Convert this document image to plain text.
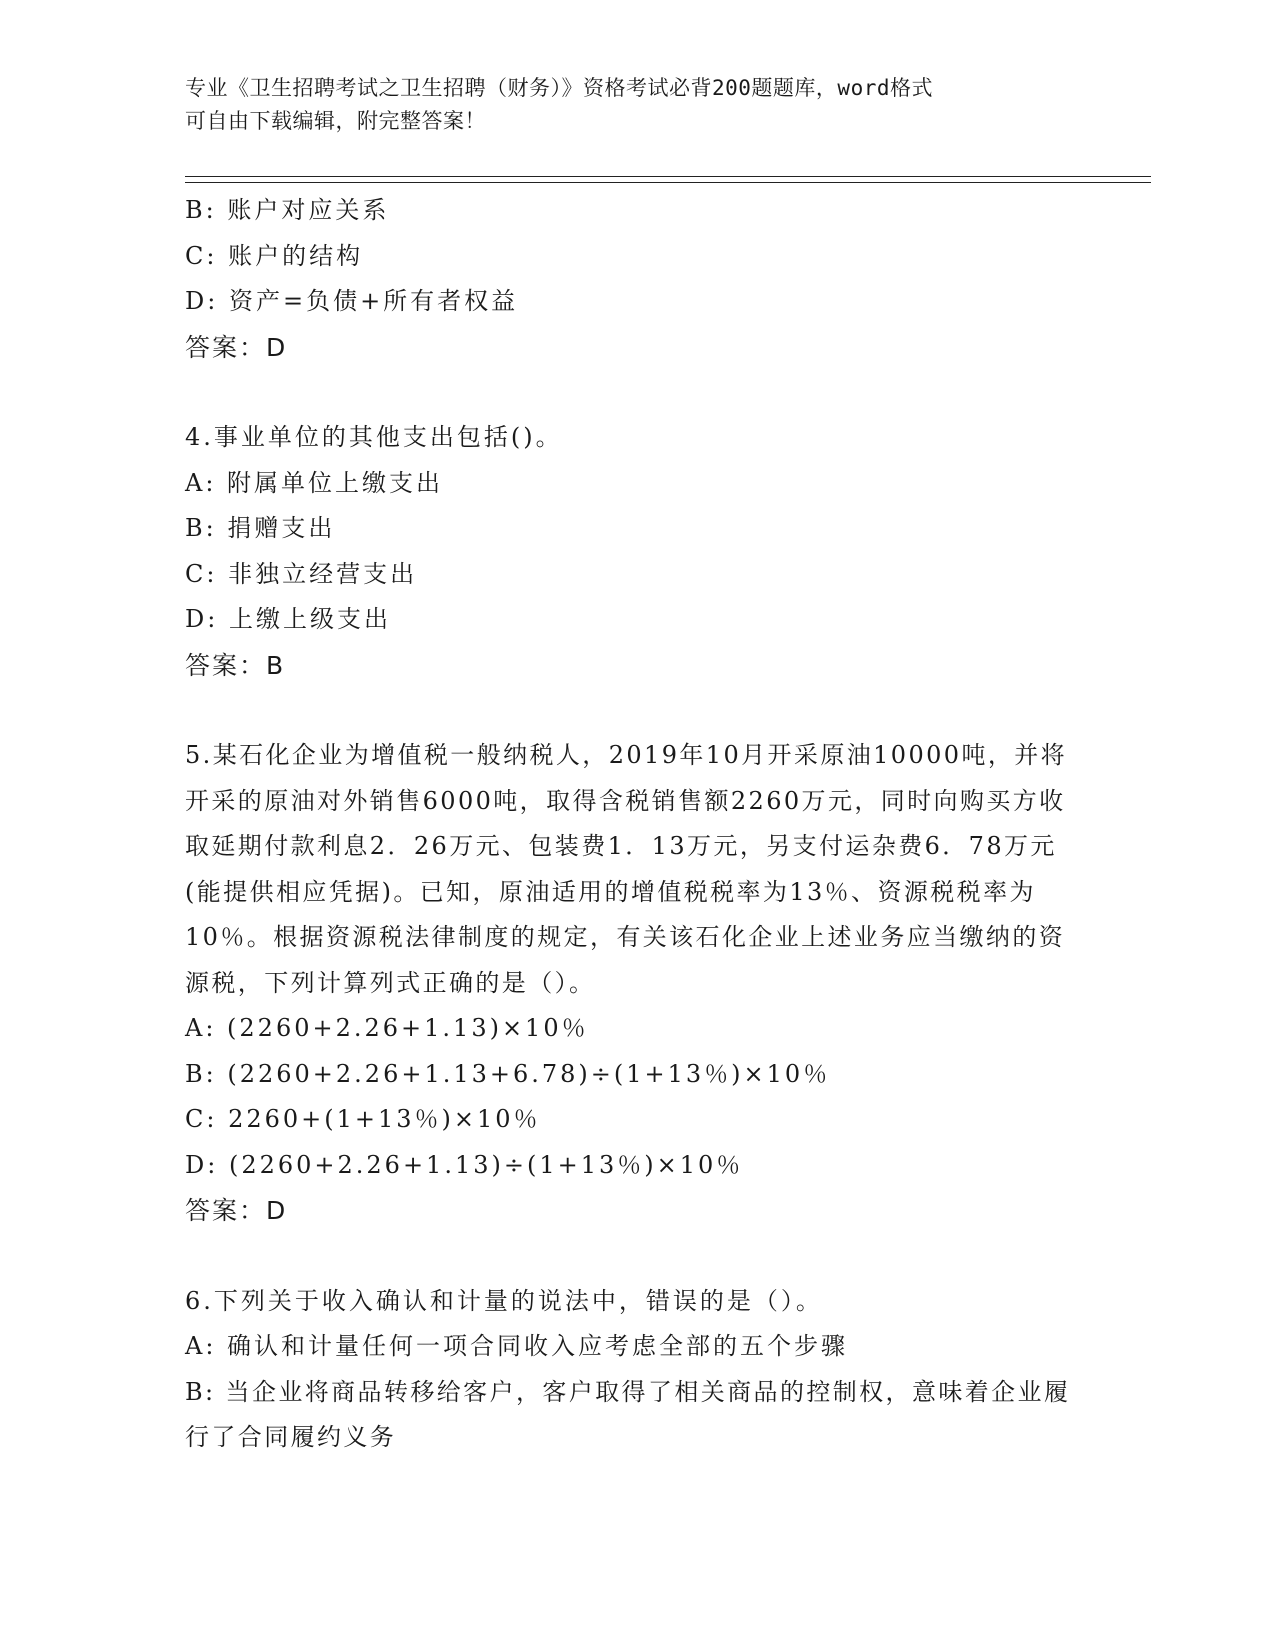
专业《卫生招聘考试之卫生招聘（财务）》资格考试必背200题题库，word格式
可自由下载编辑，附完整答案！
B: 账户对应关系
C: 账户的结构
D: 资产=负债+所有者权益
答案：D
4.事业单位的其他支出包括()。
A: 附属单位上缴支出
B: 捐赠支出
C: 非独立经营支出
D: 上缴上级支出
答案：B
5.某石化企业为增值税一般纳税人，2019年10月开采原油10000吨，并将开采的原油对外销售6000吨，取得含税销售额2260万元，同时向购买方收取延期付款利息2．26万元、包装费1．13万元，另支付运杂费6．78万元(能提供相应凭据)。已知，原油适用的增值税税率为13％、资源税税率为10％。根据资源税法律制度的规定，有关该石化企业上述业务应当缴纳的资源税，下列计算列式正确的是（）。
A: (2260+2.26+1.13)×10％
B: (2260+2.26+1.13+6.78)÷(1+13％)×10％
C: 2260+(1+13％)×10％
D: (2260+2.26+1.13)÷(1+13％)×10％
答案：D
6.下列关于收入确认和计量的说法中，错误的是（）。
A: 确认和计量任何一项合同收入应考虑全部的五个步骤
B: 当企业将商品转移给客户，客户取得了相关商品的控制权，意味着企业履行了合同履约义务
